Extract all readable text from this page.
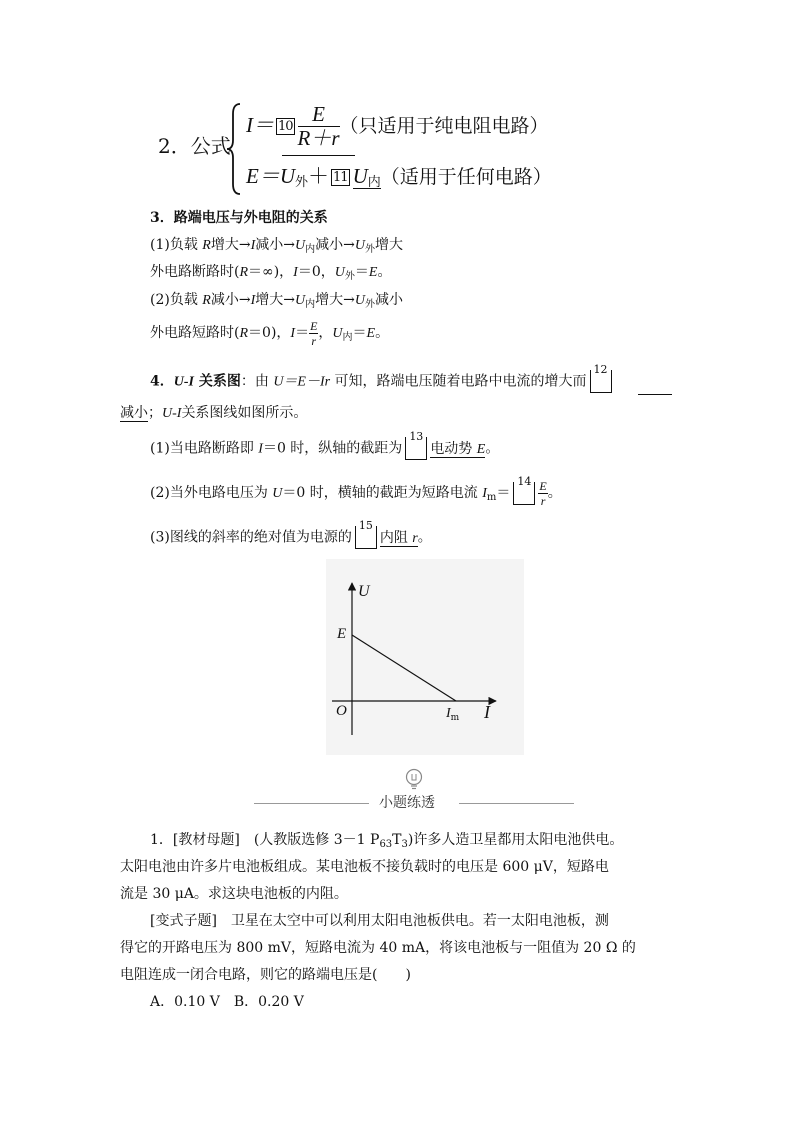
2．公式
$I= 10 \frac{E}{R+r}$ （只适用于纯电阻电路）
E＝U外＋ 11 U内（适用于任何电路）
3．路端电压与外电阻的关系
(1)负载 R增大→I减小$\to U_内$减小$\to U_外$增大
外电路断路时(R＝∞)，I＝0，$U_外=E$。
(2)负载 R减小→I增大$\to U_内$增大$\to U_外$减小
外电路短路时(R＝0)，$I= \frac{E}{r}$ ，$U_内=E$。
4．U-I 关系图：由 U＝E－Ir 可知，路端电压随着电路中电流的增大而
12
减小；U-I关系图线如图所示。
(1)当电路断路即 I＝0 时，纵轴的截距为
13
电动势 E。
(2)当外电路电压为 U＝0 时，横轴的截距为短路电流 $I_m=$
$14 \frac{E}{r}$ 。
(3)图线的斜率的绝对值为电源的
15
内阻 r。
U
I
O
E
$I_m$
小题练透
1．[教材母题]　(人教版选修 3－1 $P_{63}T_3$)许多人造卫星都用太阳电池供电。
太阳电池由许多片电池板组成。某电池板不接负载时的电压是 600 μV，短路电
流是 30 μA。求这块电池板的内阻。
[变式子题]　卫星在太空中可以利用太阳电池板供电。若一太阳电池板，测
得它的开路电压为 800 mV，短路电流为 40 mA，将该电池板与一阻值为 20 Ω 的
电阻连成一闭合电路，则它的路端电压是(　　)
A．0.10 V　B．0.20 V
